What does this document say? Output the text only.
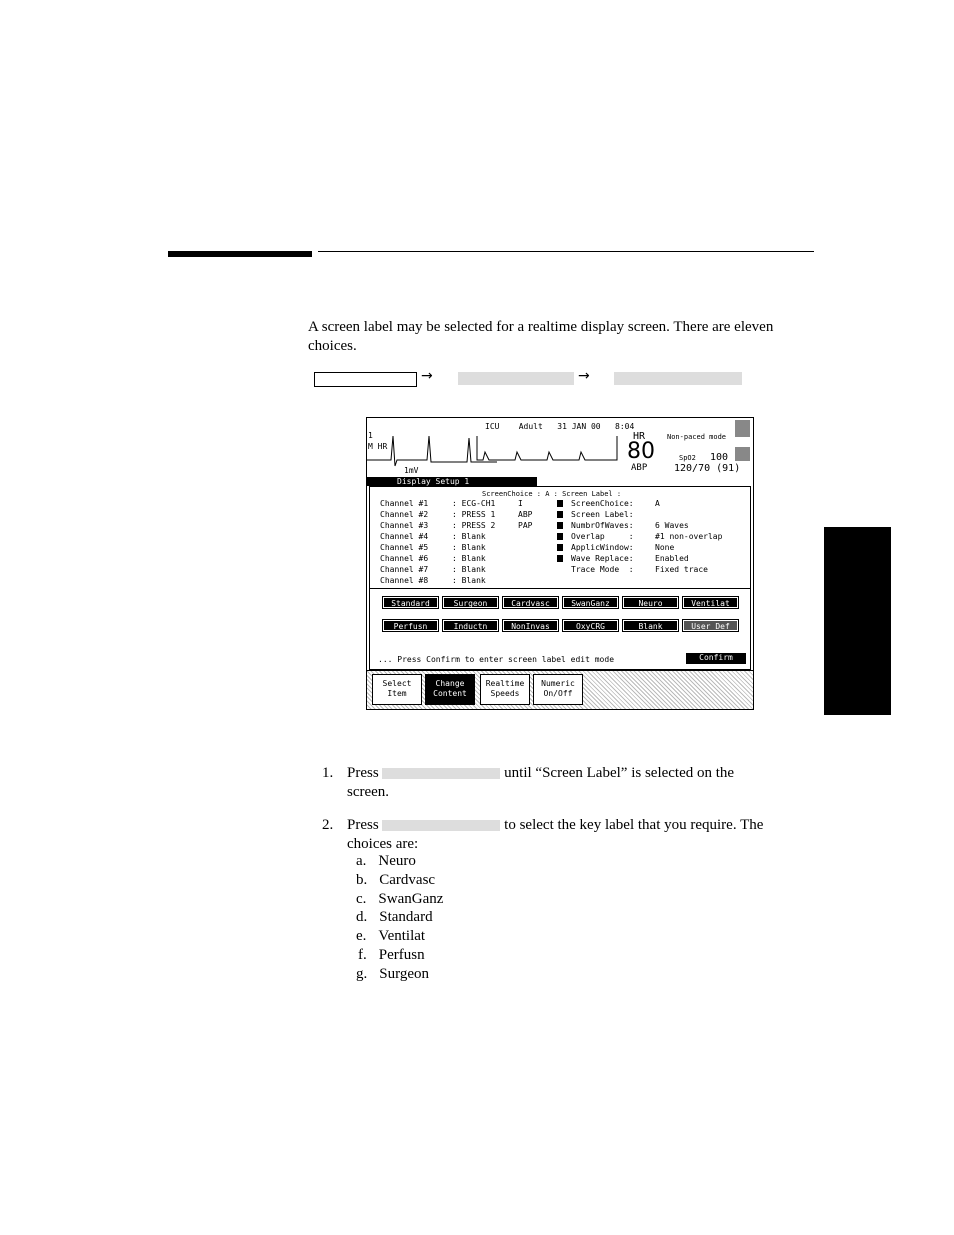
A screen label may be selected for a realtime display screen. There are eleven choices.
→	→
1
M HR
1mV
ICU    Adult   31 JAN 00   8:04
HR
80
ABP
Non-paced mode
SpO2 100
120/70 (91)
Display Setup 1
ScreenChoice : A : Screen Label :
Channel #1	: ECG-CH1	I
Channel #2	: PRESS 1	ABP
Channel #3	: PRESS 2	PAP
Channel #4	: Blank
Channel #5	: Blank
Channel #6	: Blank
Channel #7	: Blank
Channel #8	: Blank
ScreenChoice:	A
Screen Label:
NumbrOfWaves:	6 Waves
Overlap     :	#1 non-overlap
ApplicWindow:	None
Wave Replace:	Enabled
Trace Mode  :	Fixed trace
Standard	Surgeon	Cardvasc	SwanGanz	Neuro	Ventilat
Perfusn	Inductn	NonInvas	OxyCRG	Blank	User Def
... Press Confirm to enter screen label edit mode	Confirm
Select
Item
Change
Content
Realtime
Speeds
Numeric
On/Off
1. Press	until “Screen Label” is selected on the
screen.
2. Press	to select the key label that you require. The
choices are:
a. Neuro
b. Cardvasc
c. SwanGanz
d. Standard
e. Ventilat
f. Perfusn
g. Surgeon
